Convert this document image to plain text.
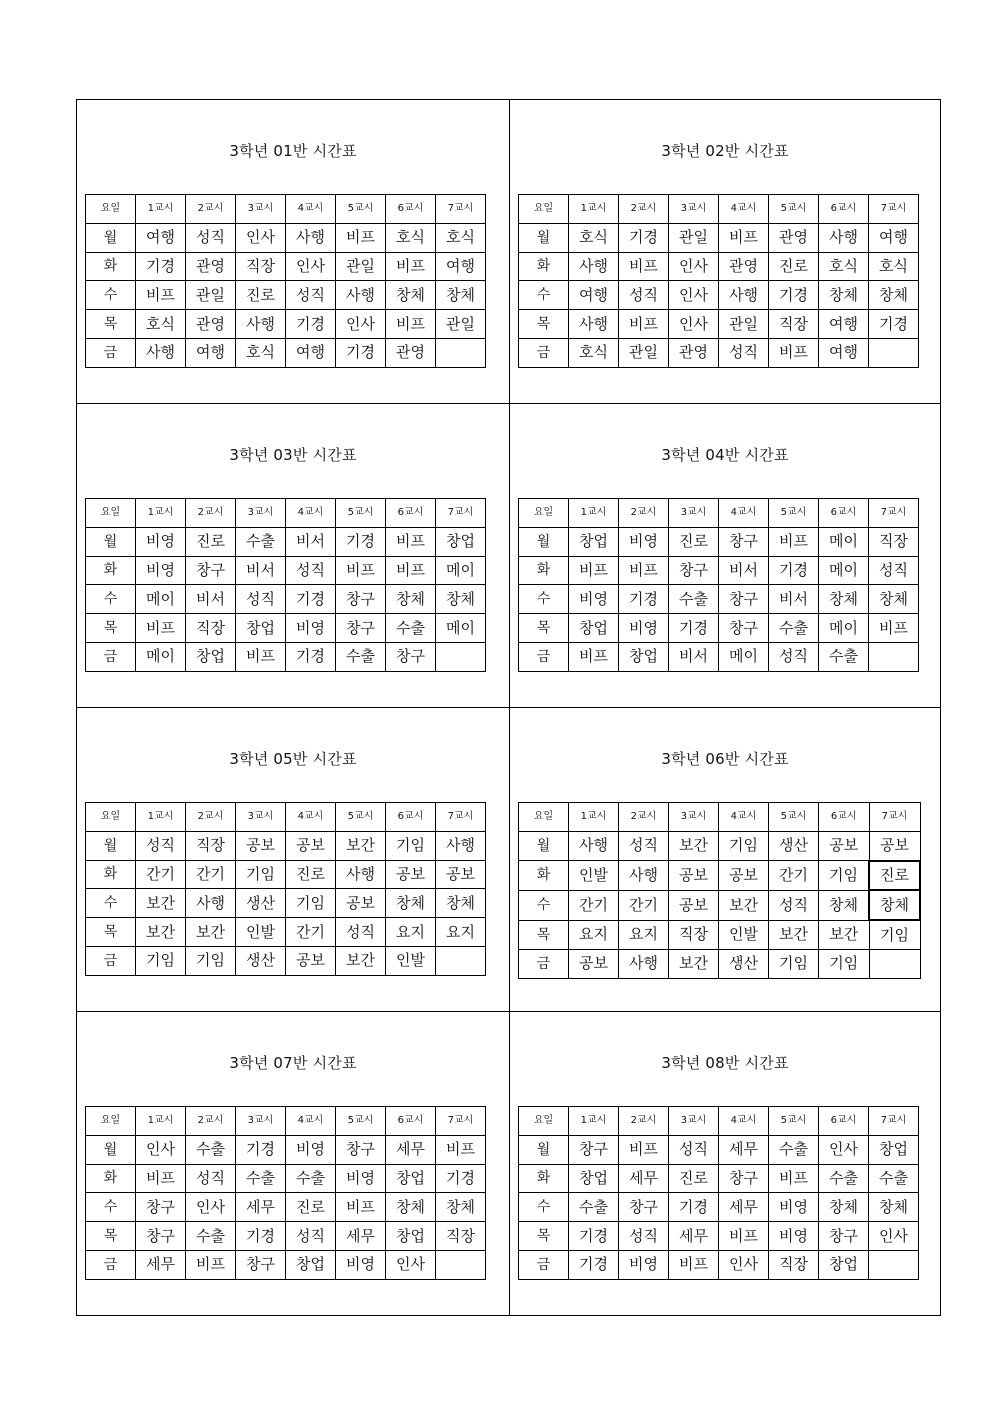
3학년 01반 시간표
요일	1교시	2교시	3교시	4교시	5교시	6교시	7교시
월	여행	성직	인사	사행	비프	호식	호식
화	기경	관영	직장	인사	관일	비프	여행
수	비프	관일	진로	성직	사행	창체	창체
목	호식	관영	사행	기경	인사	비프	관일
금	사행	여행	호식	여행	기경	관영	
3학년 02반 시간표
요일	1교시	2교시	3교시	4교시	5교시	6교시	7교시
월	호식	기경	관일	비프	관영	사행	여행
화	사행	비프	인사	관영	진로	호식	호식
수	여행	성직	인사	사행	기경	창체	창체
목	사행	비프	인사	관일	직장	여행	기경
금	호식	관일	관영	성직	비프	여행	
3학년 03반 시간표
요일	1교시	2교시	3교시	4교시	5교시	6교시	7교시
월	비영	진로	수출	비서	기경	비프	창업
화	비영	창구	비서	성직	비프	비프	메이
수	메이	비서	성직	기경	창구	창체	창체
목	비프	직장	창업	비영	창구	수출	메이
금	메이	창업	비프	기경	수출	창구	
3학년 04반 시간표
요일	1교시	2교시	3교시	4교시	5교시	6교시	7교시
월	창업	비영	진로	창구	비프	메이	직장
화	비프	비프	창구	비서	기경	메이	성직
수	비영	기경	수출	창구	비서	창체	창체
목	창업	비영	기경	창구	수출	메이	비프
금	비프	창업	비서	메이	성직	수출	
3학년 05반 시간표
요일	1교시	2교시	3교시	4교시	5교시	6교시	7교시
월	성직	직장	공보	공보	보간	기임	사행
화	간기	간기	기임	진로	사행	공보	공보
수	보간	사행	생산	기임	공보	창체	창체
목	보간	보간	인발	간기	성직	요지	요지
금	기임	기임	생산	공보	보간	인발	
3학년 06반 시간표
요일	1교시	2교시	3교시	4교시	5교시	6교시	7교시
월	사행	성직	보간	기임	생산	공보	공보
화	인발	사행	공보	공보	간기	기임	진로
수	간기	간기	공보	보간	성직	창체	창체
목	요지	요지	직장	인발	보간	보간	기임
금	공보	사행	보간	생산	기임	기임	
3학년 07반 시간표
요일	1교시	2교시	3교시	4교시	5교시	6교시	7교시
월	인사	수출	기경	비영	창구	세무	비프
화	비프	성직	수출	수출	비영	창업	기경
수	창구	인사	세무	진로	비프	창체	창체
목	창구	수출	기경	성직	세무	창업	직장
금	세무	비프	창구	창업	비영	인사	
3학년 08반 시간표
요일	1교시	2교시	3교시	4교시	5교시	6교시	7교시
월	창구	비프	성직	세무	수출	인사	창업
화	창업	세무	진로	창구	비프	수출	수출
수	수출	창구	기경	세무	비영	창체	창체
목	기경	성직	세무	비프	비영	창구	인사
금	기경	비영	비프	인사	직장	창업	
